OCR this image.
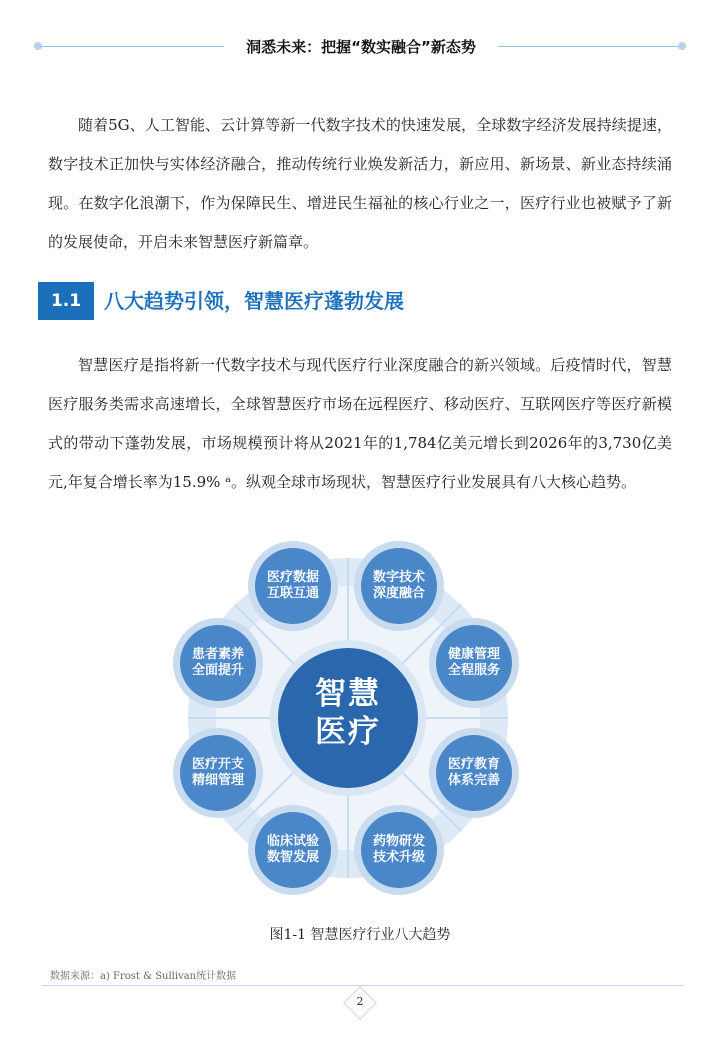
洞悉未来：把握“数实融合”新态势

随着5G、人工智能、云计算等新一代数字技术的快速发展，全球数字经济发展持续提速，数字技术正加快与实体经济融合，推动传统行业焕发新活力，新应用、新场景、新业态持续涌现。在数字化浪潮下，作为保障民生、增进民生福祉的核心行业之一，医疗行业也被赋予了新的发展使命，开启未来智慧医疗新篇章。

1.1	八大趋势引领，智慧医疗蓬勃发展

智慧医疗是指将新一代数字技术与现代医疗行业深度融合的新兴领域。后疫情时代，智慧医疗服务类需求高速增长，全球智慧医疗市场在远程医疗、移动医疗、互联网医疗等医疗新模式的带动下蓬勃发展，市场规模预计将从2021年的1,784亿美元增长到2026年的3,730亿美元,年复合增长率为15.9% ᵃ。纵观全球市场现状，智慧医疗行业发展具有八大核心趋势。

智慧
医疗
医疗数据
互联互通
数字技术
深度融合
健康管理
全程服务
医疗教育
体系完善
药物研发
技术升级
临床试验
数智发展
医疗开支
精细管理
患者素养
全面提升
图1-1 智慧医疗行业八大趋势
数据来源：a) Frost & Sullivan统计数据
2
